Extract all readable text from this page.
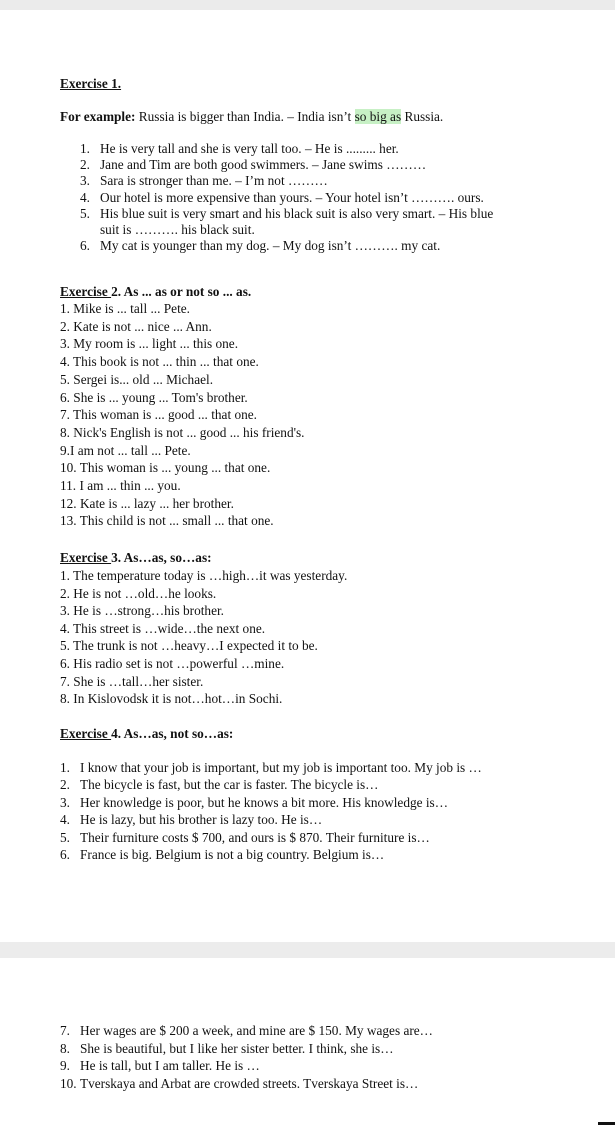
Exercise 1.
For example: Russia is bigger than India. – India isn’t so big as Russia.
1. He is very tall and she is very tall too. – He is ......... her.
2. Jane and Tim are both good swimmers. – Jane swims ………
3. Sara is stronger than me. – I’m not ………
4. Our hotel is more expensive than yours. – Your hotel isn’t ………. ours.
5. His blue suit is very smart and his black suit is also very smart. – His blue
suit is ………. his black suit.
6. My cat is younger than my dog. – My dog isn’t ………. my cat.
Exercise 2. As ... as or not so ... as.
1. Mike is ... tall ... Pete.
2. Kate is not ... nice ... Ann.
3. My room is ... light ... this one.
4. This book is not ... thin ... that one.
5. Sergei is... old ... Michael.
6. She is ... young ... Tom's brother.
7. This woman is ... good ... that one.
8. Nick's English is not ... good ... his friend's.
9.I am not ... tall ... Pete.
10. This woman is ... young ... that one.
11. I am ... thin ... you.
12. Kate is ... lazy ... her brother.
13. This child is not ... small ... that one.
Exercise 3. As…as, so…as:
1. The temperature today is …high…it was yesterday.
2. He is not …old…he looks.
3. He is …strong…his brother.
4. This street is …wide…the next one.
5. The trunk is not …heavy…I expected it to be.
6. His radio set is not …powerful …mine.
7. She is …tall…her sister.
8. In Kislovodsk it is not…hot…in Sochi.
Exercise 4. As…as, not so…as:
1. I know that your job is important, but my job is important too. My job is …
2. The bicycle is fast, but the car is faster. The bicycle is…
3. Her knowledge is poor, but he knows a bit more. His knowledge is…
4. He is lazy, but his brother is lazy too. He is…
5. Their furniture costs $ 700, and ours is $ 870. Their furniture is…
6. France is big. Belgium is not a big country. Belgium is…
7. Her wages are $ 200 a week, and mine are $ 150. My wages are…
8. She is beautiful, but I like her sister better. I think, she is…
9. He is tall, but I am taller. He is …
10. Tverskaya and Arbat are crowded streets. Tverskaya Street is…
